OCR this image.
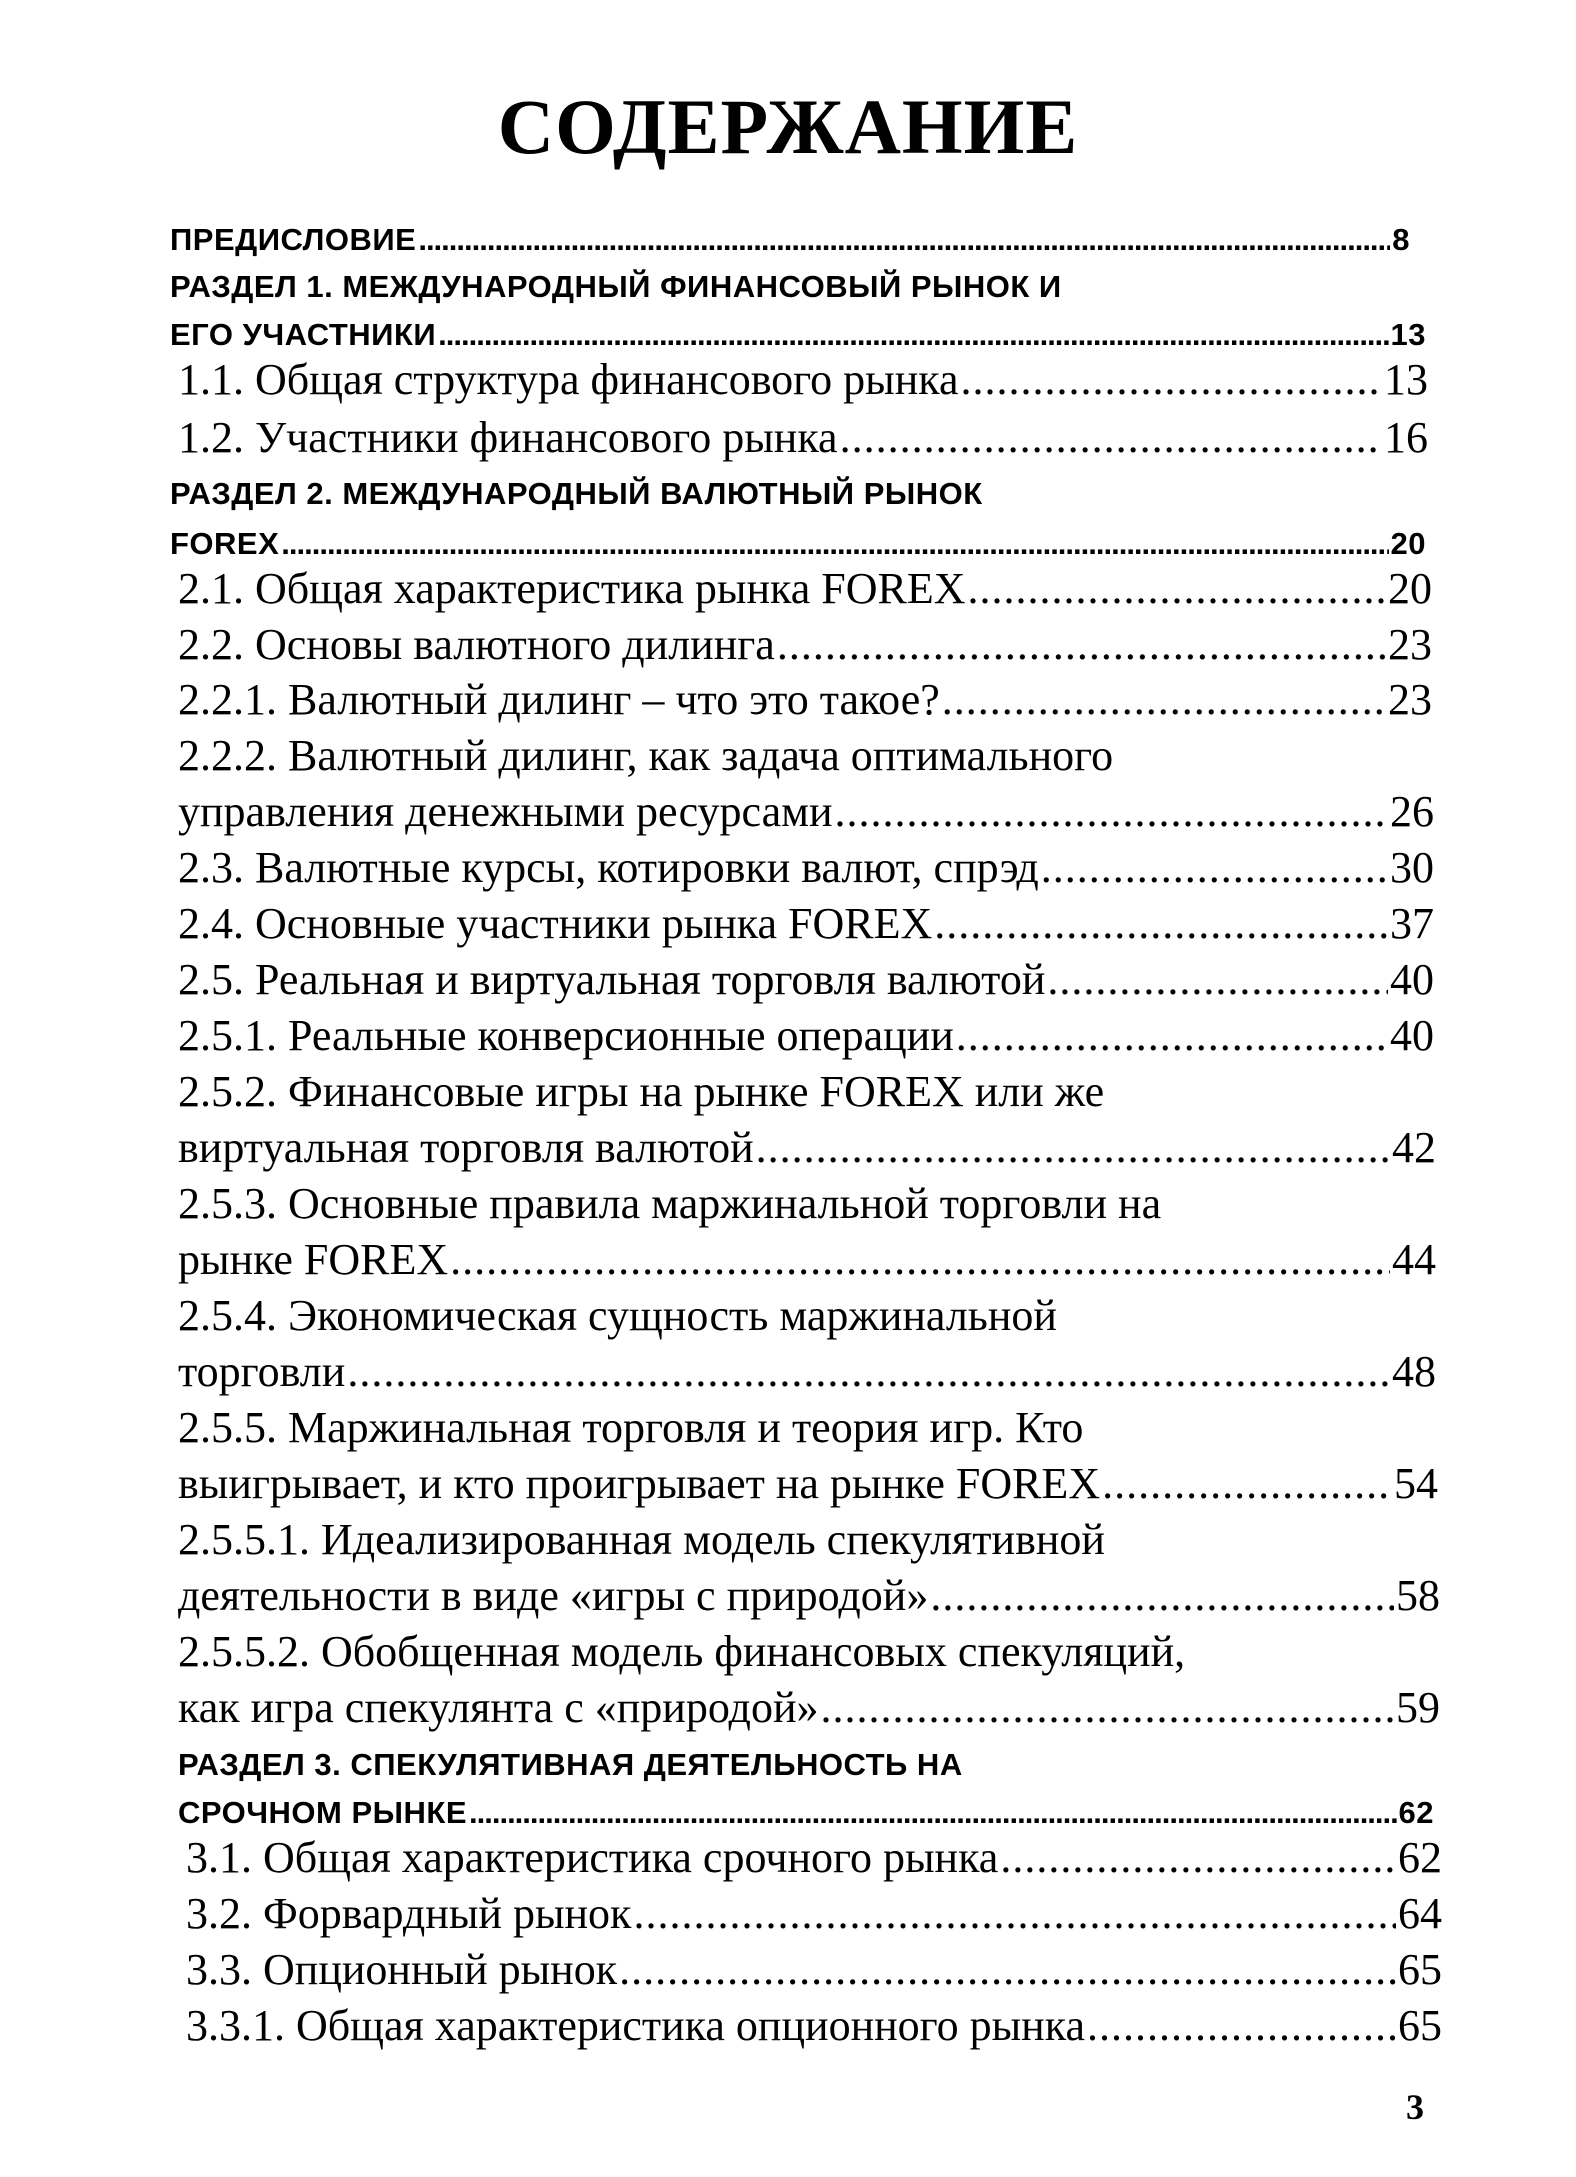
СОДЕРЖАНИЕ
ПРЕДИСЛОВИЕ .....	8
РАЗДЕЛ 1. МЕЖДУНАРОДНЫЙ ФИНАНСОВЫЙ РЫНОК И
ЕГО УЧАСТНИКИ .....	13
1.1. Общая структура финансового рынка .....	13
1.2. Участники финансового рынка .....	16
РАЗДЕЛ 2. МЕЖДУНАРОДНЫЙ ВАЛЮТНЫЙ РЫНОК
FOREX .....	20
2.1. Общая характеристика рынка FOREX .....	20
2.2. Основы валютного дилинга .....	23
2.2.1. Валютный дилинг – что это такое? .....	23
2.2.2. Валютный дилинг, как задача оптимального
управления денежными ресурсами .....	26
2.3. Валютные курсы, котировки валют, спрэд .....	30
2.4. Основные участники рынка FOREX .....	37
2.5. Реальная и виртуальная торговля валютой .....	40
2.5.1. Реальные конверсионные операции .....	40
2.5.2. Финансовые игры на рынке FOREX или же
виртуальная торговля валютой .....	42
2.5.3. Основные правила маржинальной торговли на
рынке FOREX .....	44
2.5.4. Экономическая сущность маржинальной
торговли .....	48
2.5.5. Маржинальная торговля и теория игр. Кто
выигрывает, и кто проигрывает на рынке FOREX .....	54
2.5.5.1. Идеализированная модель спекулятивной
деятельности в виде «игры с природой» .....	58
2.5.5.2. Обобщенная модель финансовых спекуляций,
как игра спекулянта с «природой» .....	59
РАЗДЕЛ 3. СПЕКУЛЯТИВНАЯ ДЕЯТЕЛЬНОСТЬ НА
СРОЧНОМ РЫНКЕ .....	62
3.1. Общая характеристика срочного рынка .....	62
3.2. Форвардный рынок .....	64
3.3. Опционный рынок .....	65
3.3.1. Общая характеристика опционного рынка .....	65
3
